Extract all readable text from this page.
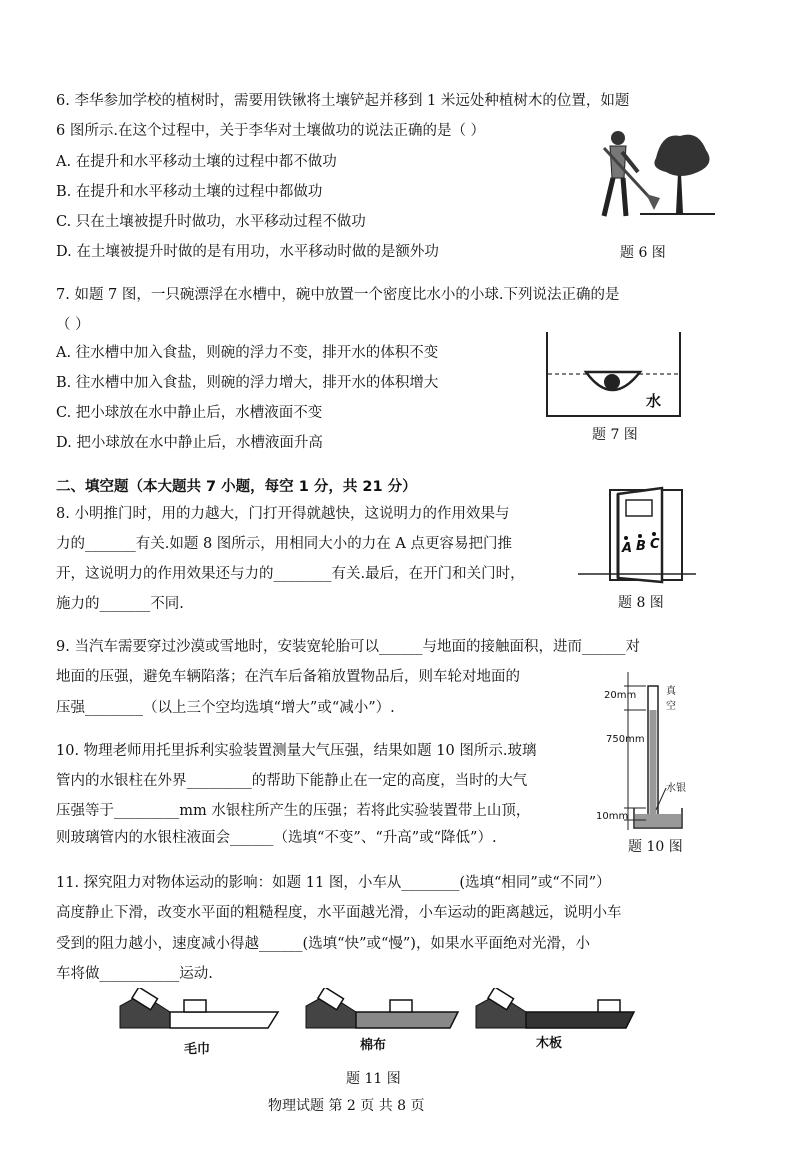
6. 李华参加学校的植树时，需要用铁锹将土壤铲起并移到 1 米远处种植树木的位置，如题
6 图所示.在这个过程中，关于李华对土壤做功的说法正确的是（ ）
A. 在提升和水平移动土壤的过程中都不做功
B. 在提升和水平移动土壤的过程中都做功
C. 只在土壤被提升时做功，水平移动过程不做功
D. 在土壤被提升时做的是有用功，水平移动时做的是额外功	题 6 图
7. 如题 7 图，一只碗漂浮在水槽中，碗中放置一个密度比水小的小球.下列说法正确的是
（ ）
A. 往水槽中加入食盐，则碗的浮力不变，排开水的体积不变
B. 往水槽中加入食盐，则碗的浮力增大，排开水的体积增大
C. 把小球放在水中静止后，水槽液面不变
D. 把小球放在水中静止后，水槽液面升高
水
题 7 图
二、填空题（本大题共 7 小题，每空 1 分，共 21 分）
8. 小明推门时，用的力越大，门打开得就越快，这说明力的作用效果与
力的_______有关.如题 8 图所示，用相同大小的力在 A 点更容易把门推
开，这说明力的作用效果还与力的________有关.最后，在开门和关门时，
施力的_______不同.
A B C
题 8 图
9. 当汽车需要穿过沙漠或雪地时，安装宽轮胎可以______与地面的接触面积，进而______对
地面的压强，避免车辆陷落；在汽车后备箱放置物品后，则车轮对地面的
压强________（以上三个空均选填“增大”或“减小”）.
10. 物理老师用托里拆利实验装置测量大气压强，结果如题 10 图所示.玻璃
管内的水银柱在外界_________的帮助下能静止在一定的高度，当时的大气
压强等于_________mm 水银柱所产生的压强；若将此实验装置带上山顶，
则玻璃管内的水银柱液面会______（选填“不变”、“升高”或“降低”）.
20mm	真
空
750mm
水银
10mm
题 10 图
11. 探究阻力对物体运动的影响：如题 11 图，小车从________(选填“相同”或“不同”）
高度静止下滑，改变水平面的粗糙程度，水平面越光滑，小车运动的距离越远，说明小车
受到的阻力越小，速度减小得越______(选填“快”或“慢”)，如果水平面绝对光滑，小
车将做___________运动.
毛巾	棉布	木板
题 11 图
物理试题 第 2 页 共 8 页
